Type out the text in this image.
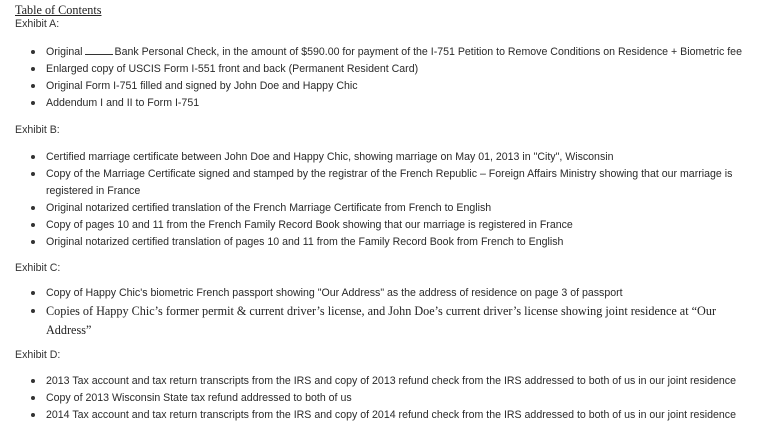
Table of Contents
Exhibit A:
Original	Bank Personal Check, in the amount of $590.00 for payment of the I-751 Petition to Remove Conditions on Residence + Biometric fee
Enlarged copy of USCIS Form I-551 front and back (Permanent Resident Card)
Original Form I-751 filled and signed by John Doe and Happy Chic
Addendum I and II to Form I-751
Exhibit B:
Certified marriage certificate between John Doe and Happy Chic, showing marriage on May 01, 2013 in "City", Wisconsin
Copy of the Marriage Certificate signed and stamped by the registrar of the French Republic – Foreign Affairs Ministry showing that our marriage is registered in France
Original notarized certified translation of the French Marriage Certificate from French to English
Copy of pages 10 and 11 from the French Family Record Book showing that our marriage is registered in France
Original notarized certified translation of pages 10 and 11 from the Family Record Book from French to English
Exhibit C:
Copy of Happy Chic's biometric French passport showing "Our Address" as the address of residence on page 3 of passport
Copies of Happy Chic’s former permit & current driver’s license, and John Doe’s current driver’s license showing joint residence at “Our Address”
Exhibit D:
2013 Tax account and tax return transcripts from the IRS and copy of 2013 refund check from the IRS addressed to both of us in our joint residence
Copy of 2013 Wisconsin State tax refund addressed to both of us
2014 Tax account and tax return transcripts from the IRS and copy of 2014 refund check from the IRS addressed to both of us in our joint residence
